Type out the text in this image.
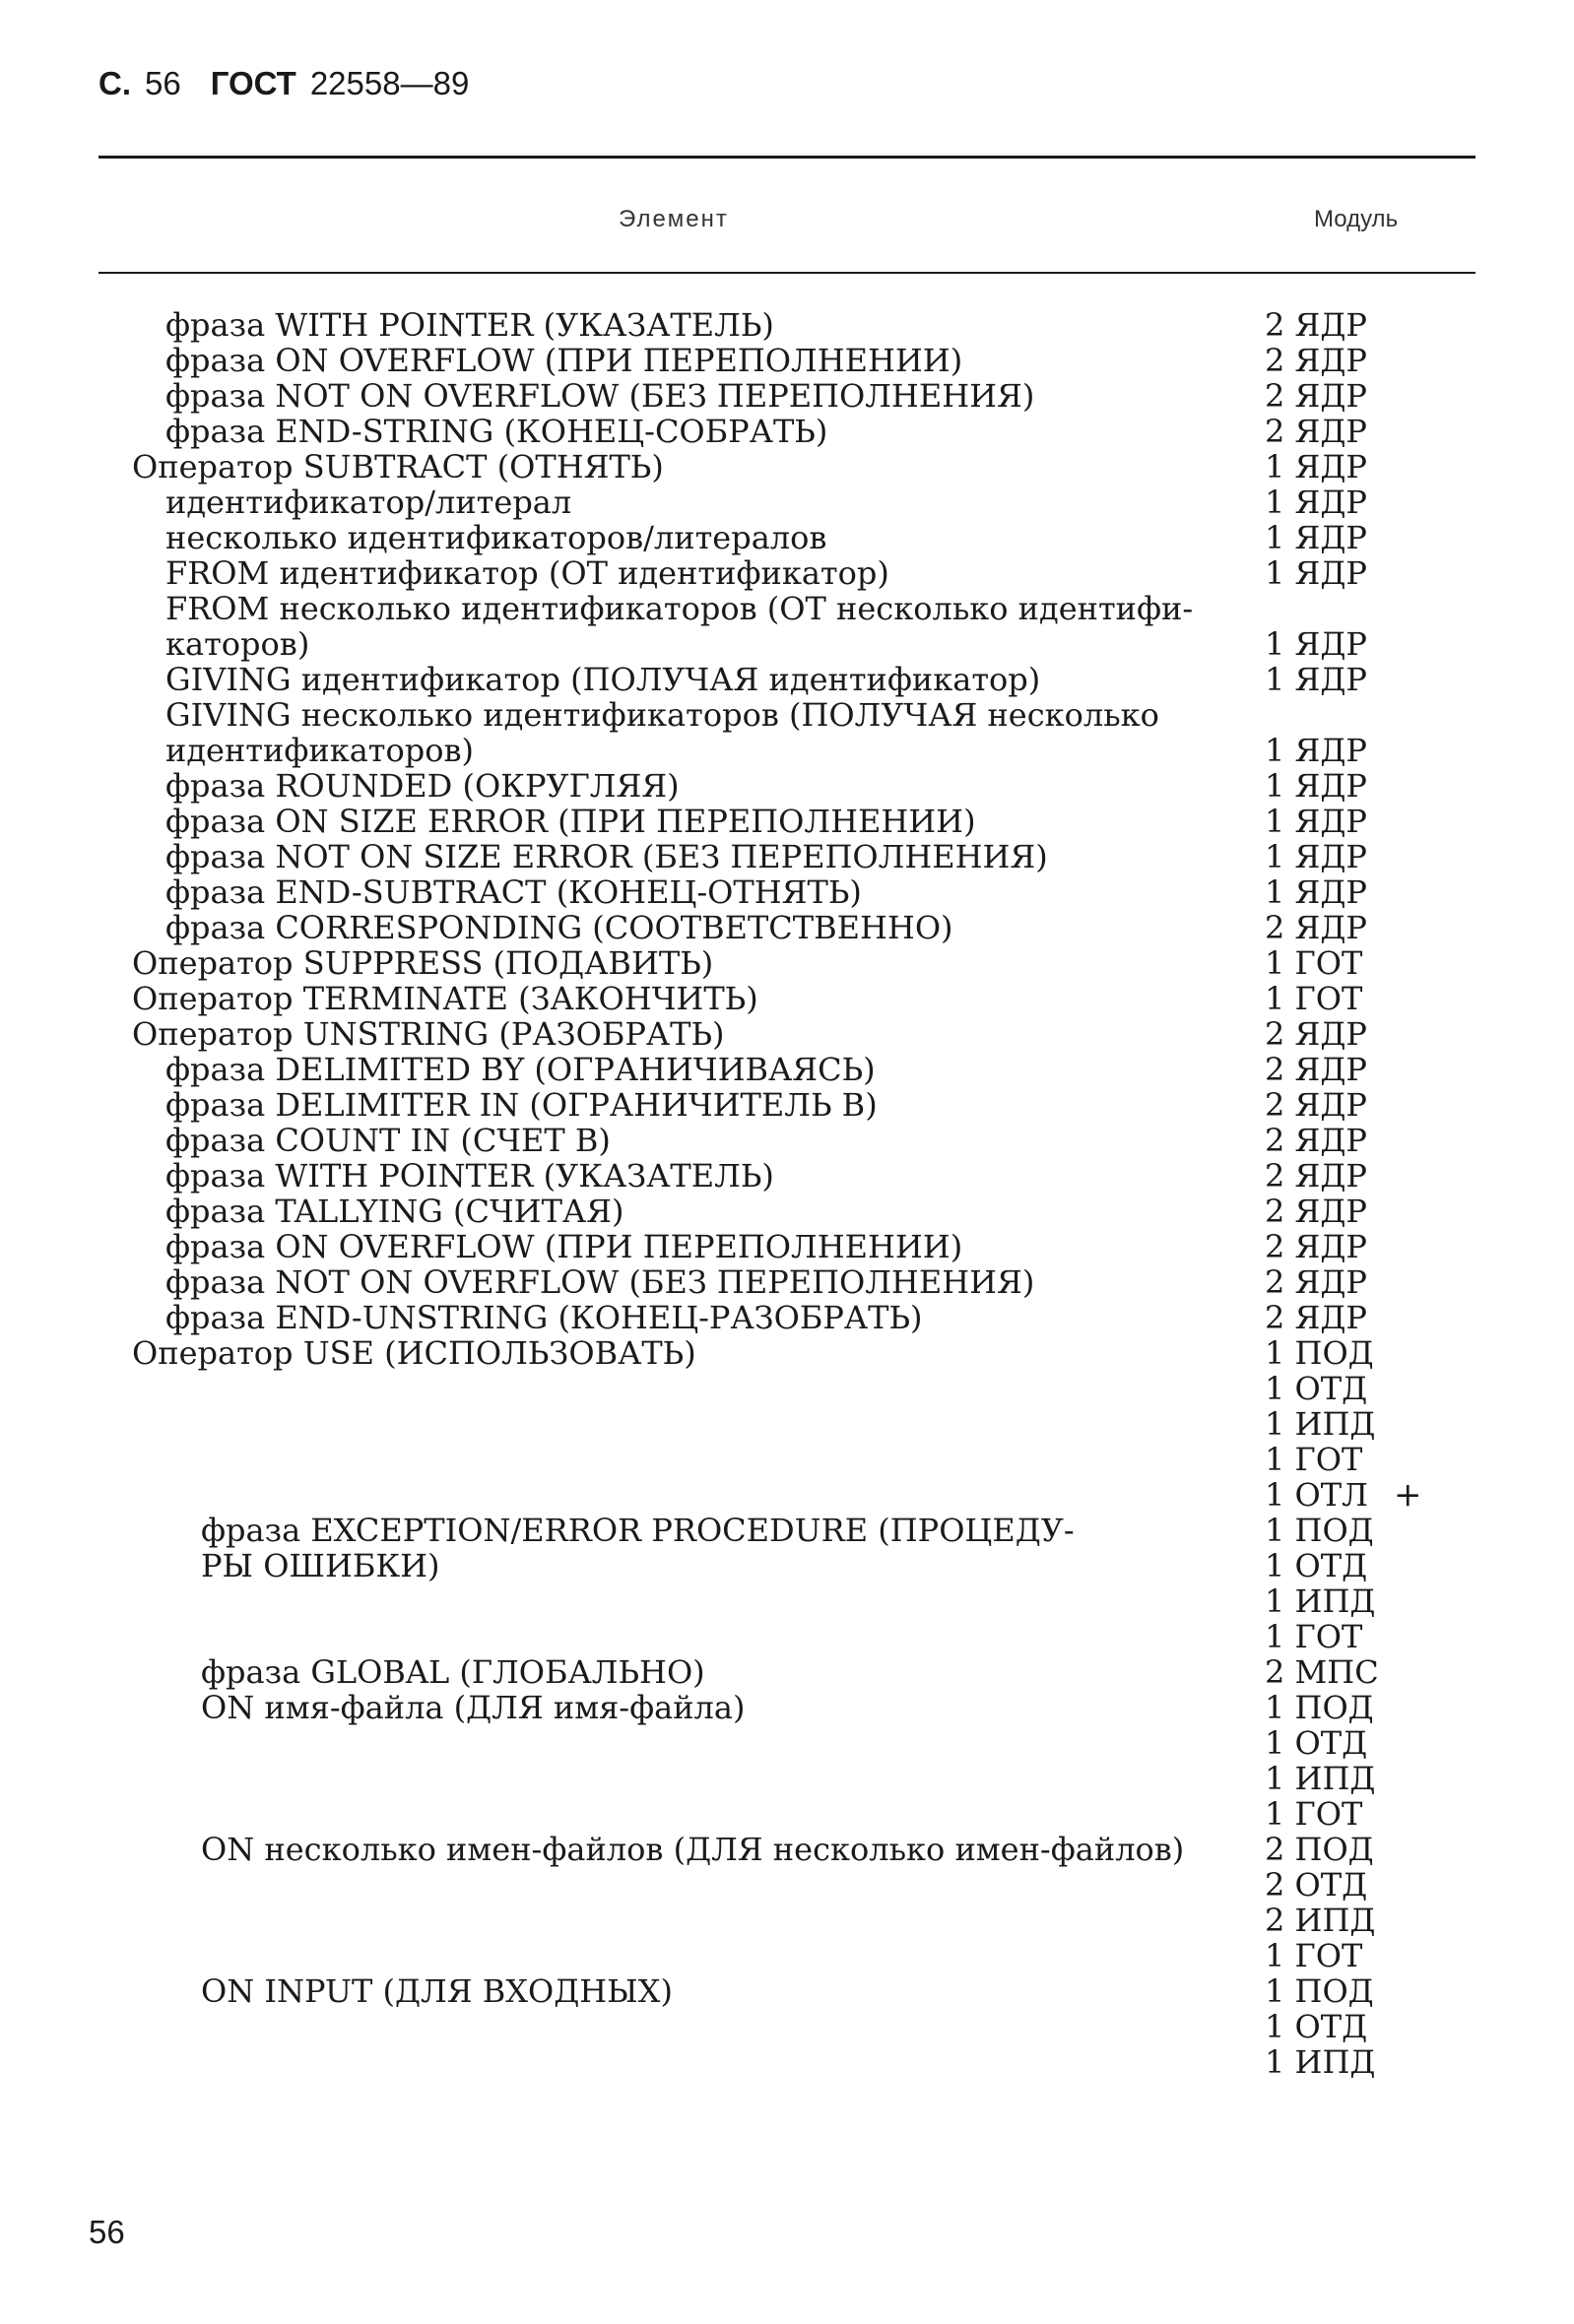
С. 56 ГОСТ 22558—89
Элемент	Модуль
фраза WITH POINTER (УКАЗАТЕЛЬ)	2 ЯДР
фраза ON OVERFLOW (ПРИ ПЕРЕПОЛНЕНИИ)	2 ЯДР
фраза NOT ON OVERFLOW (БЕЗ ПЕРЕПОЛНЕНИЯ)	2 ЯДР
фраза END-STRING (КОНЕЦ-СОБРАТЬ)	2 ЯДР
Оператор SUBTRACT (ОТНЯТЬ)	1 ЯДР
идентификатор/литерал	1 ЯДР
несколько идентификаторов/литералов	1 ЯДР
FROM идентификатор (ОТ идентификатор)	1 ЯДР
FROM несколько идентификаторов (ОТ несколько идентифи-
каторов)	1 ЯДР
GIVING идентификатор (ПОЛУЧАЯ идентификатор)	1 ЯДР
GIVING несколько идентификаторов (ПОЛУЧАЯ несколько
идентификаторов)	1 ЯДР
фраза ROUNDED (ОКРУГЛЯЯ)	1 ЯДР
фраза ON SIZE ERROR (ПРИ ПЕРЕПОЛНЕНИИ)	1 ЯДР
фраза NOT ON SIZE ERROR (БЕЗ ПЕРЕПОЛНЕНИЯ)	1 ЯДР
фраза END-SUBTRACT (КОНЕЦ-ОТНЯТЬ)	1 ЯДР
фраза CORRESPONDING (СООТВЕТСТВЕННО)	2 ЯДР
Оператор SUPPRESS (ПОДАВИТЬ)	1 ГОТ
Оператор TERMINATE (ЗАКОНЧИТЬ)	1 ГОТ
Оператор UNSTRING (РАЗОБРАТЬ)	2 ЯДР
фраза DELIMITED BY (ОГРАНИЧИВАЯСЬ)	2 ЯДР
фраза DELIMITER IN (ОГРАНИЧИТЕЛЬ В)	2 ЯДР
фраза COUNT IN (СЧЕТ В)	2 ЯДР
фраза WITH POINTER (УКАЗАТЕЛЬ)	2 ЯДР
фраза TALLYING (СЧИТАЯ)	2 ЯДР
фраза ON OVERFLOW (ПРИ ПЕРЕПОЛНЕНИИ)	2 ЯДР
фраза NOT ON OVERFLOW (БЕЗ ПЕРЕПОЛНЕНИЯ)	2 ЯДР
фраза END-UNSTRING (КОНЕЦ-РАЗОБРАТЬ)	2 ЯДР
Оператор USE (ИСПОЛЬЗОВАТЬ)	1 ПОД
1 ОТД
1 ИПД
1 ГОТ
1 ОТЛ +
фраза EXCEPTION/ERROR PROCEDURE (ПРОЦЕДУ-	1 ПОД
РЫ ОШИБКИ)	1 ОТД
1 ИПД
1 ГОТ
фраза GLOBAL (ГЛОБАЛЬНО)	2 МПС
ON имя-файла (ДЛЯ имя-файла)	1 ПОД
1 ОТД
1 ИПД
1 ГОТ
ON несколько имен-файлов (ДЛЯ несколько имен-файлов)	2 ПОД
2 ОТД
2 ИПД
1 ГОТ
ON INPUT (ДЛЯ ВХОДНЫХ)	1 ПОД
1 ОТД
1 ИПД
56
